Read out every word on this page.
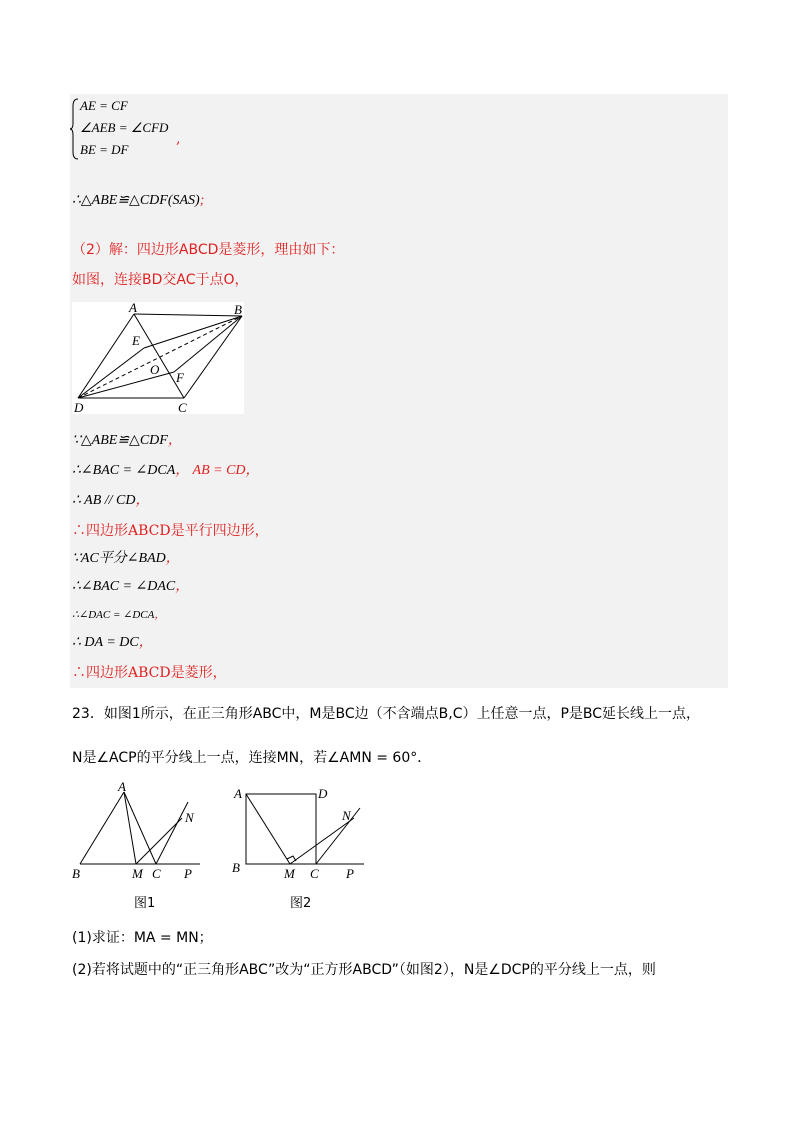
AE = CF
∠AEB = ∠CFD
BE = DF
,
∴△ABE≌△CDF(SAS);
（2）解：四边形ABCD是菱形，理由如下：
如图，连接BD交AC于点O，
A	B
C
D
E
F
O
∵△ABE≌△CDF，
∴∠BAC = ∠DCA， AB = CD，
∴ AB // CD，
∴四边形ABCD是平行四边形，
∵AC平分∠BAD，
∴∠BAC = ∠DAC，
∴∠DAC = ∠DCA，
∴ DA = DC，
∴四边形ABCD是菱形，
23．如图1所示，在正三角形ABC中，M是BC边（不含端点B,C）上任意一点，P是BC延长线上一点，
N是∠ACP的平分线上一点，连接MN，若∠AMN = 60°．
A
B	M C P
N
图1
A	D
B	M C P
N
图2
(1)求证：MA = MN；
(2)若将试题中的“正三角形ABC”改为“正方形ABCD”（如图2），N是∠DCP的平分线上一点，则
